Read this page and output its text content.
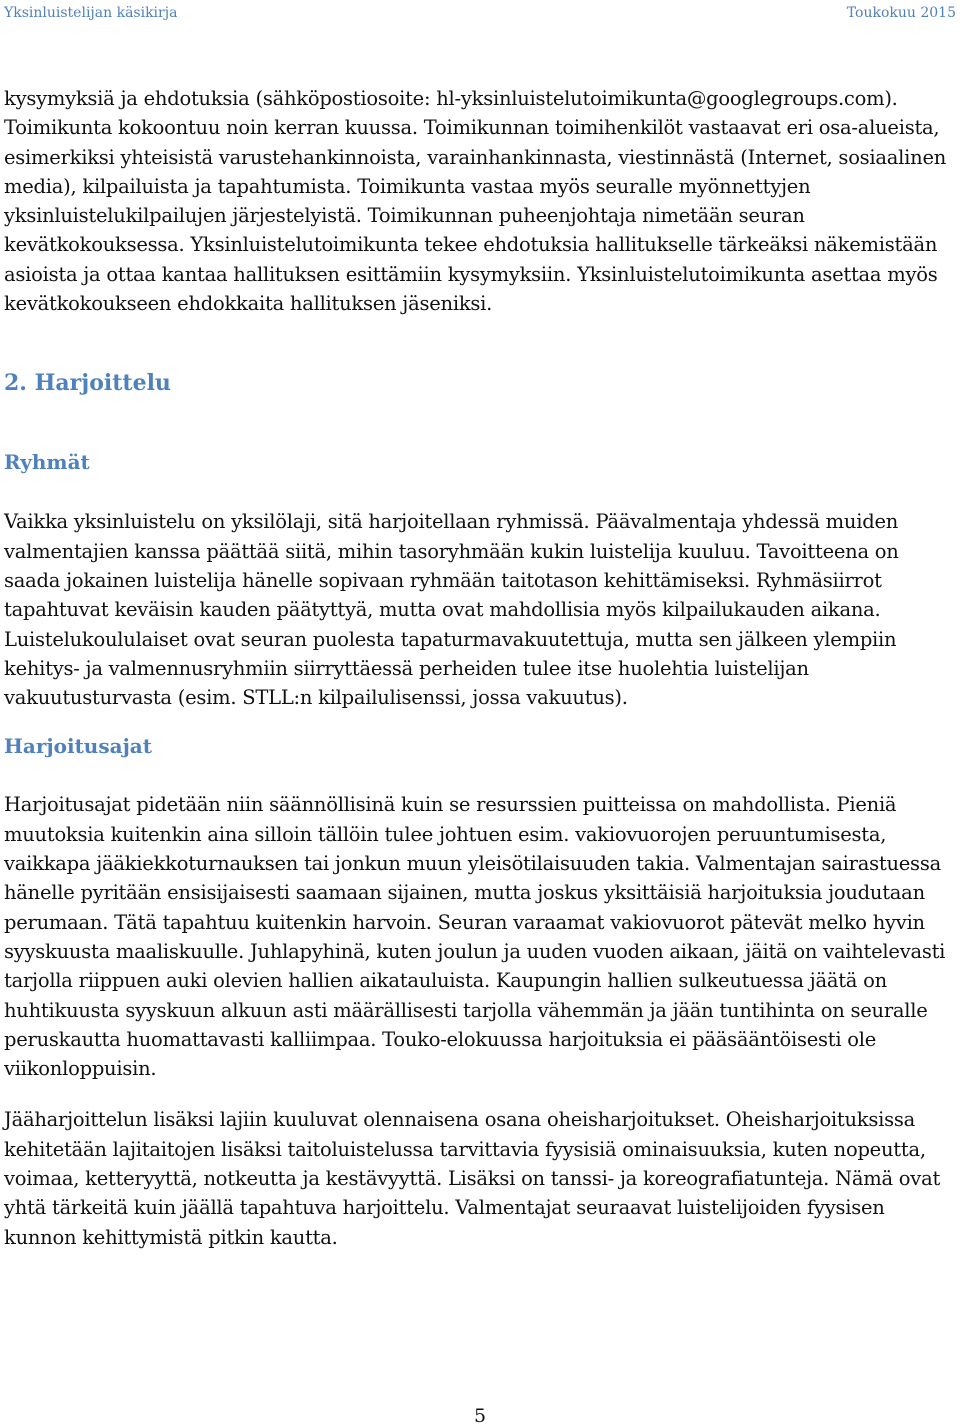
Yksinluistelijan käsikirja	Toukokuu 2015

kysymyksiä ja ehdotuksia (sähköpostiosoite: hl-yksinluistelutoimikunta@googlegroups.com). Toimikunta kokoontuu noin kerran kuussa. Toimikunnan toimihenkilöt vastaavat eri osa-alueista, esimerkiksi yhteisistä varustehankinnoista, varainhankinnasta, viestinnästä (Internet, sosiaalinen media), kilpailuista ja tapahtumista. Toimikunta vastaa myös seuralle myönnettyjen yksinluistelukilpailujen järjestelyistä. Toimikunnan puheenjohtaja nimetään seuran kevätkokouksessa. Yksinluistelutoimikunta tekee ehdotuksia hallitukselle tärkeäksi näkemistään asioista ja ottaa kantaa hallituksen esittämiin kysymyksiin. Yksinluistelutoimikunta asettaa myös kevätkokoukseen ehdokkaita hallituksen jäseniksi.

2. Harjoittelu
Ryhmät

Vaikka yksinluistelu on yksilölaji, sitä harjoitellaan ryhmissä. Päävalmentaja yhdessä muiden valmentajien kanssa päättää siitä, mihin tasoryhmään kukin luistelija kuuluu. Tavoitteena on saada jokainen luistelija hänelle sopivaan ryhmään taitotason kehittämiseksi. Ryhmäsiirrot tapahtuvat keväisin kauden päätyttyä, mutta ovat mahdollisia myös kilpailukauden aikana. Luistelukoululaiset ovat seuran puolesta tapaturmavakuutettuja, mutta sen jälkeen ylempiin kehitys- ja valmennusryhmiin siirryttäessä perheiden tulee itse huolehtia luistelijan vakuutusturvasta (esim. STLL:n kilpailulisenssi, jossa vakuutus).

Harjoitusajat

Harjoitusajat pidetään niin säännöllisinä kuin se resurssien puitteissa on mahdollista. Pieniä muutoksia kuitenkin aina silloin tällöin tulee johtuen esim. vakiovuorojen peruuntumisesta, vaikkapa jääkiekkoturnauksen tai jonkun muun yleisötilaisuuden takia. Valmentajan sairastuessa hänelle pyritään ensisijaisesti saamaan sijainen, mutta joskus yksittäisiä harjoituksia joudutaan perumaan. Tätä tapahtuu kuitenkin harvoin. Seuran varaamat vakiovuorot pätevät melko hyvin syyskuusta maaliskuulle. Juhlapyhinä, kuten joulun ja uuden vuoden aikaan, jäitä on vaihtelevasti tarjolla riippuen auki olevien hallien aikatauluista. Kaupungin hallien sulkeutuessa jäätä on huhtikuusta syyskuun alkuun asti määrällisesti tarjolla vähemmän ja jään tuntihinta on seuralle peruskautta huomattavasti kalliimpaa. Touko-elokuussa harjoituksia ei pääsääntöisesti ole viikonloppuisin.

Jääharjoittelun lisäksi lajiin kuuluvat olennaisena osana oheisharjoitukset. Oheisharjoituksissa kehitetään lajitaitojen lisäksi taitoluistelussa tarvittavia fyysisiä ominaisuuksia, kuten nopeutta, voimaa, ketteryyttä, notkeutta ja kestävyyttä. Lisäksi on tanssi- ja koreografiatunteja. Nämä ovat yhtä tärkeitä kuin jäällä tapahtuva harjoittelu. Valmentajat seuraavat luistelijoiden fyysisen kunnon kehittymistä pitkin kautta.

5
